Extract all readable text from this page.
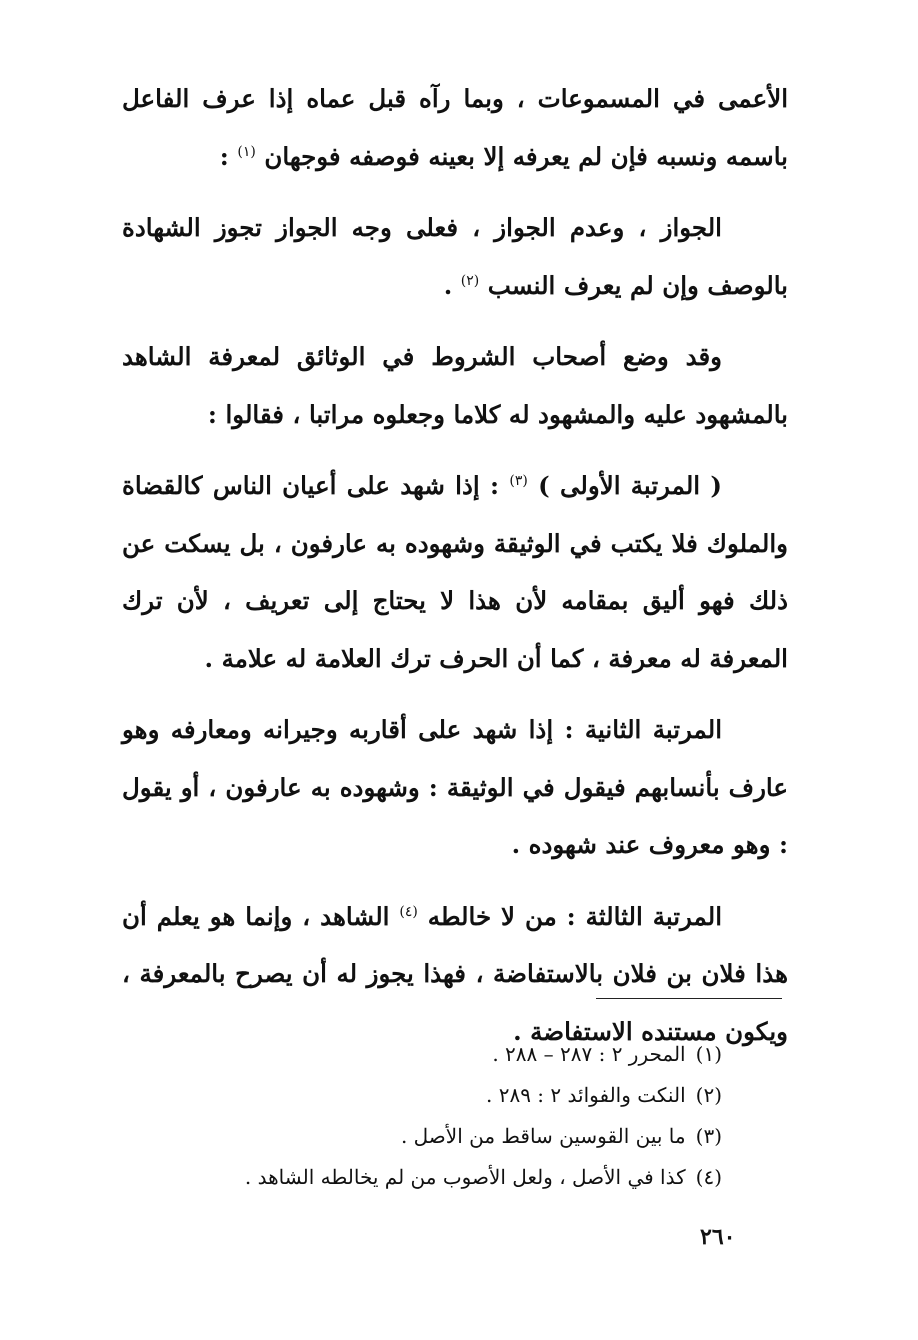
الأعمى في المسموعات ، وبما رآه قبل عماه إذا عرف الفاعل باسمه ونسبه فإن لم يعرفه إلا بعينه فوصفه فوجهان $^{(١)}$ :

الجواز ، وعدم الجواز ، فعلى وجه الجواز تجوز الشهادة بالوصف وإن لم يعرف النسب $^{(٢)}$ .

وقد وضع أصحاب الشروط في الوثائق لمعرفة الشاهد بالمشهود عليه والمشهود له كلاما وجعلوه مراتبا ، فقالوا :

( المرتبة الأولى ) $^{(٣)}$ : إذا شهد على أعيان الناس كالقضاة والملوك فلا يكتب في الوثيقة وشهوده به عارفون ، بل يسكت عن ذلك فهو أليق بمقامه لأن هذا لا يحتاج إلى تعريف ، لأن ترك المعرفة له معرفة ، كما أن الحرف ترك العلامة له علامة .

المرتبة الثانية : إذا شهد على أقاربه وجيرانه ومعارفه وهو عارف بأنسابهم فيقول في الوثيقة : وشهوده به عارفون ، أو يقول : وهو معروف عند شهوده .

المرتبة الثالثة : من لا خالطه $^{(٤)}$ الشاهد ، وإنما هو يعلم أن هذا فلان بن فلان بالاستفاضة ، فهذا يجوز له أن يصرح بالمعرفة ، ويكون مستنده الاستفاضة .

(١)المحرر ٢ : ٢٨٧ – ٢٨٨ .
(٢)النكت والفوائد ٢ : ٢٨٩ .
(٣)ما بين القوسين ساقط من الأصل .
(٤)كذا في الأصل ، ولعل الأصوب من لم يخالطه الشاهد .
٢٦٠
